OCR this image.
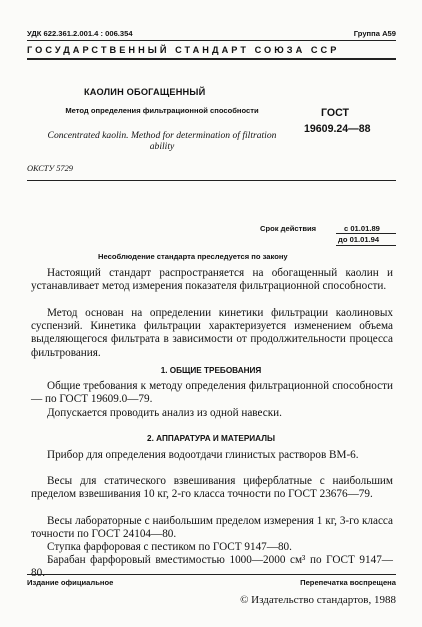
УДК 622.361.2.001.4 : 006.354	Группа А59
ГОСУДАРСТВЕННЫЙ СТАНДАРТ СОЮЗА ССР
КАОЛИН ОБОГАЩЕННЫЙ
Метод определения фильтрационной способности
Concentrated kaolin. Method for determination of filtration ability
ГОСТ
19609.24—88
ОКСТУ 5729
Срок действия	с 01.01.89
до 01.01.94
Несоблюдение стандарта преследуется по закону

Настоящий стандарт распространяется на обогащенный каолин и устанавливает метод измерения показателя фильтрационной способности.

Метод основан на определении кинетики фильтрации каолиновых суспензий. Кинетика фильтрации характеризуется изменением объема выделяющегося фильтрата в зависимости от продолжительности процесса фильтрования.

1. ОБЩИЕ ТРЕБОВАНИЯ

Общие требования к методу определения фильтрационной способности — по ГОСТ 19609.0—79.

Допускается проводить анализ из одной навески.

2. АППАРАТУРА И МАТЕРИАЛЫ

Прибор для определения водоотдачи глинистых растворов ВМ-6.

Весы для статического взвешивания циферблатные с наибольшим пределом взвешивания 10 кг, 2-го класса точности по ГОСТ 23676—79.

Весы лабораторные с наибольшим пределом измерения 1 кг, 3-го класса точности по ГОСТ 24104—80.

Ступка фарфоровая с пестиком по ГОСТ 9147—80.

Барабан фарфоровый вместимостью 1000—2000 см³ по ГОСТ 9147—

Издание официальное	Перепечатка воспрещена
© Издательство стандартов, 1988
